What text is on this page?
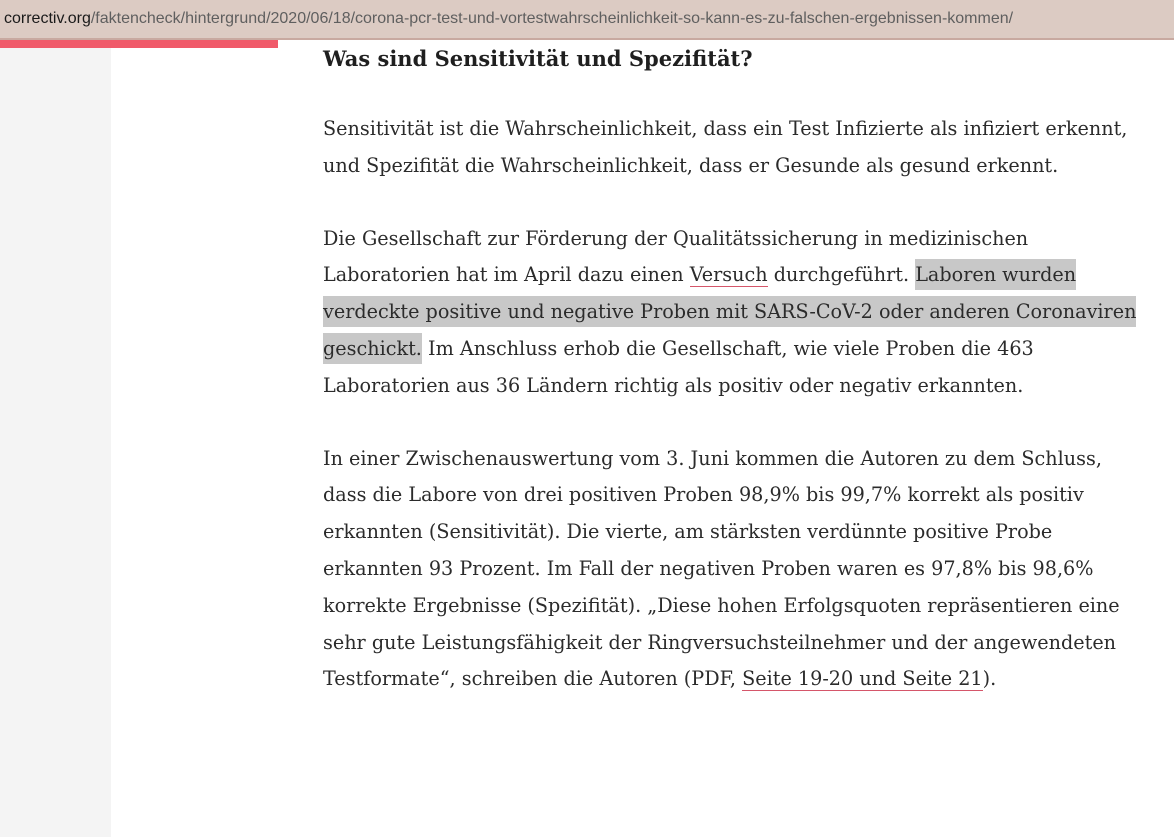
correctiv.org /faktencheck/hintergrund/2020/06/18/corona-pcr-test-und-vortestwahrscheinlichkeit-so-kann-es-zu-falschen-ergebnissen-kommen/
Was sind Sensitivität und Spezifität?

Sensitivität ist die Wahrscheinlichkeit, dass ein Test Infizierte als infiziert erkennt, und Spezifität die Wahrscheinlichkeit, dass er Gesunde als gesund erkennt.

Die Gesellschaft zur Förderung der Qualitätssicherung in medizinischen Laboratorien hat im April dazu einen Versuch durchgeführt. Laboren wurden verdeckte positive und negative Proben mit SARS-CoV-2 oder anderen Coronaviren geschickt. Im Anschluss erhob die Gesellschaft, wie viele Proben die 463 Laboratorien aus 36 Ländern richtig als positiv oder negativ erkannten.

In einer Zwischenauswertung vom 3. Juni kommen die Autoren zu dem Schluss, dass die Labore von drei positiven Proben 98,9% bis 99,7% korrekt als positiv erkannten (Sensitivität). Die vierte, am stärksten verdünnte positive Probe erkannten 93 Prozent. Im Fall der negativen Proben waren es 97,8% bis 98,6% korrekte Ergebnisse (Spezifität). „Diese hohen Erfolgsquoten repräsentieren eine sehr gute Leistungsfähigkeit der Ringversuchsteilnehmer und der angewendeten Testformate“, schreiben die Autoren (PDF, Seite 19-20 und Seite 21).
